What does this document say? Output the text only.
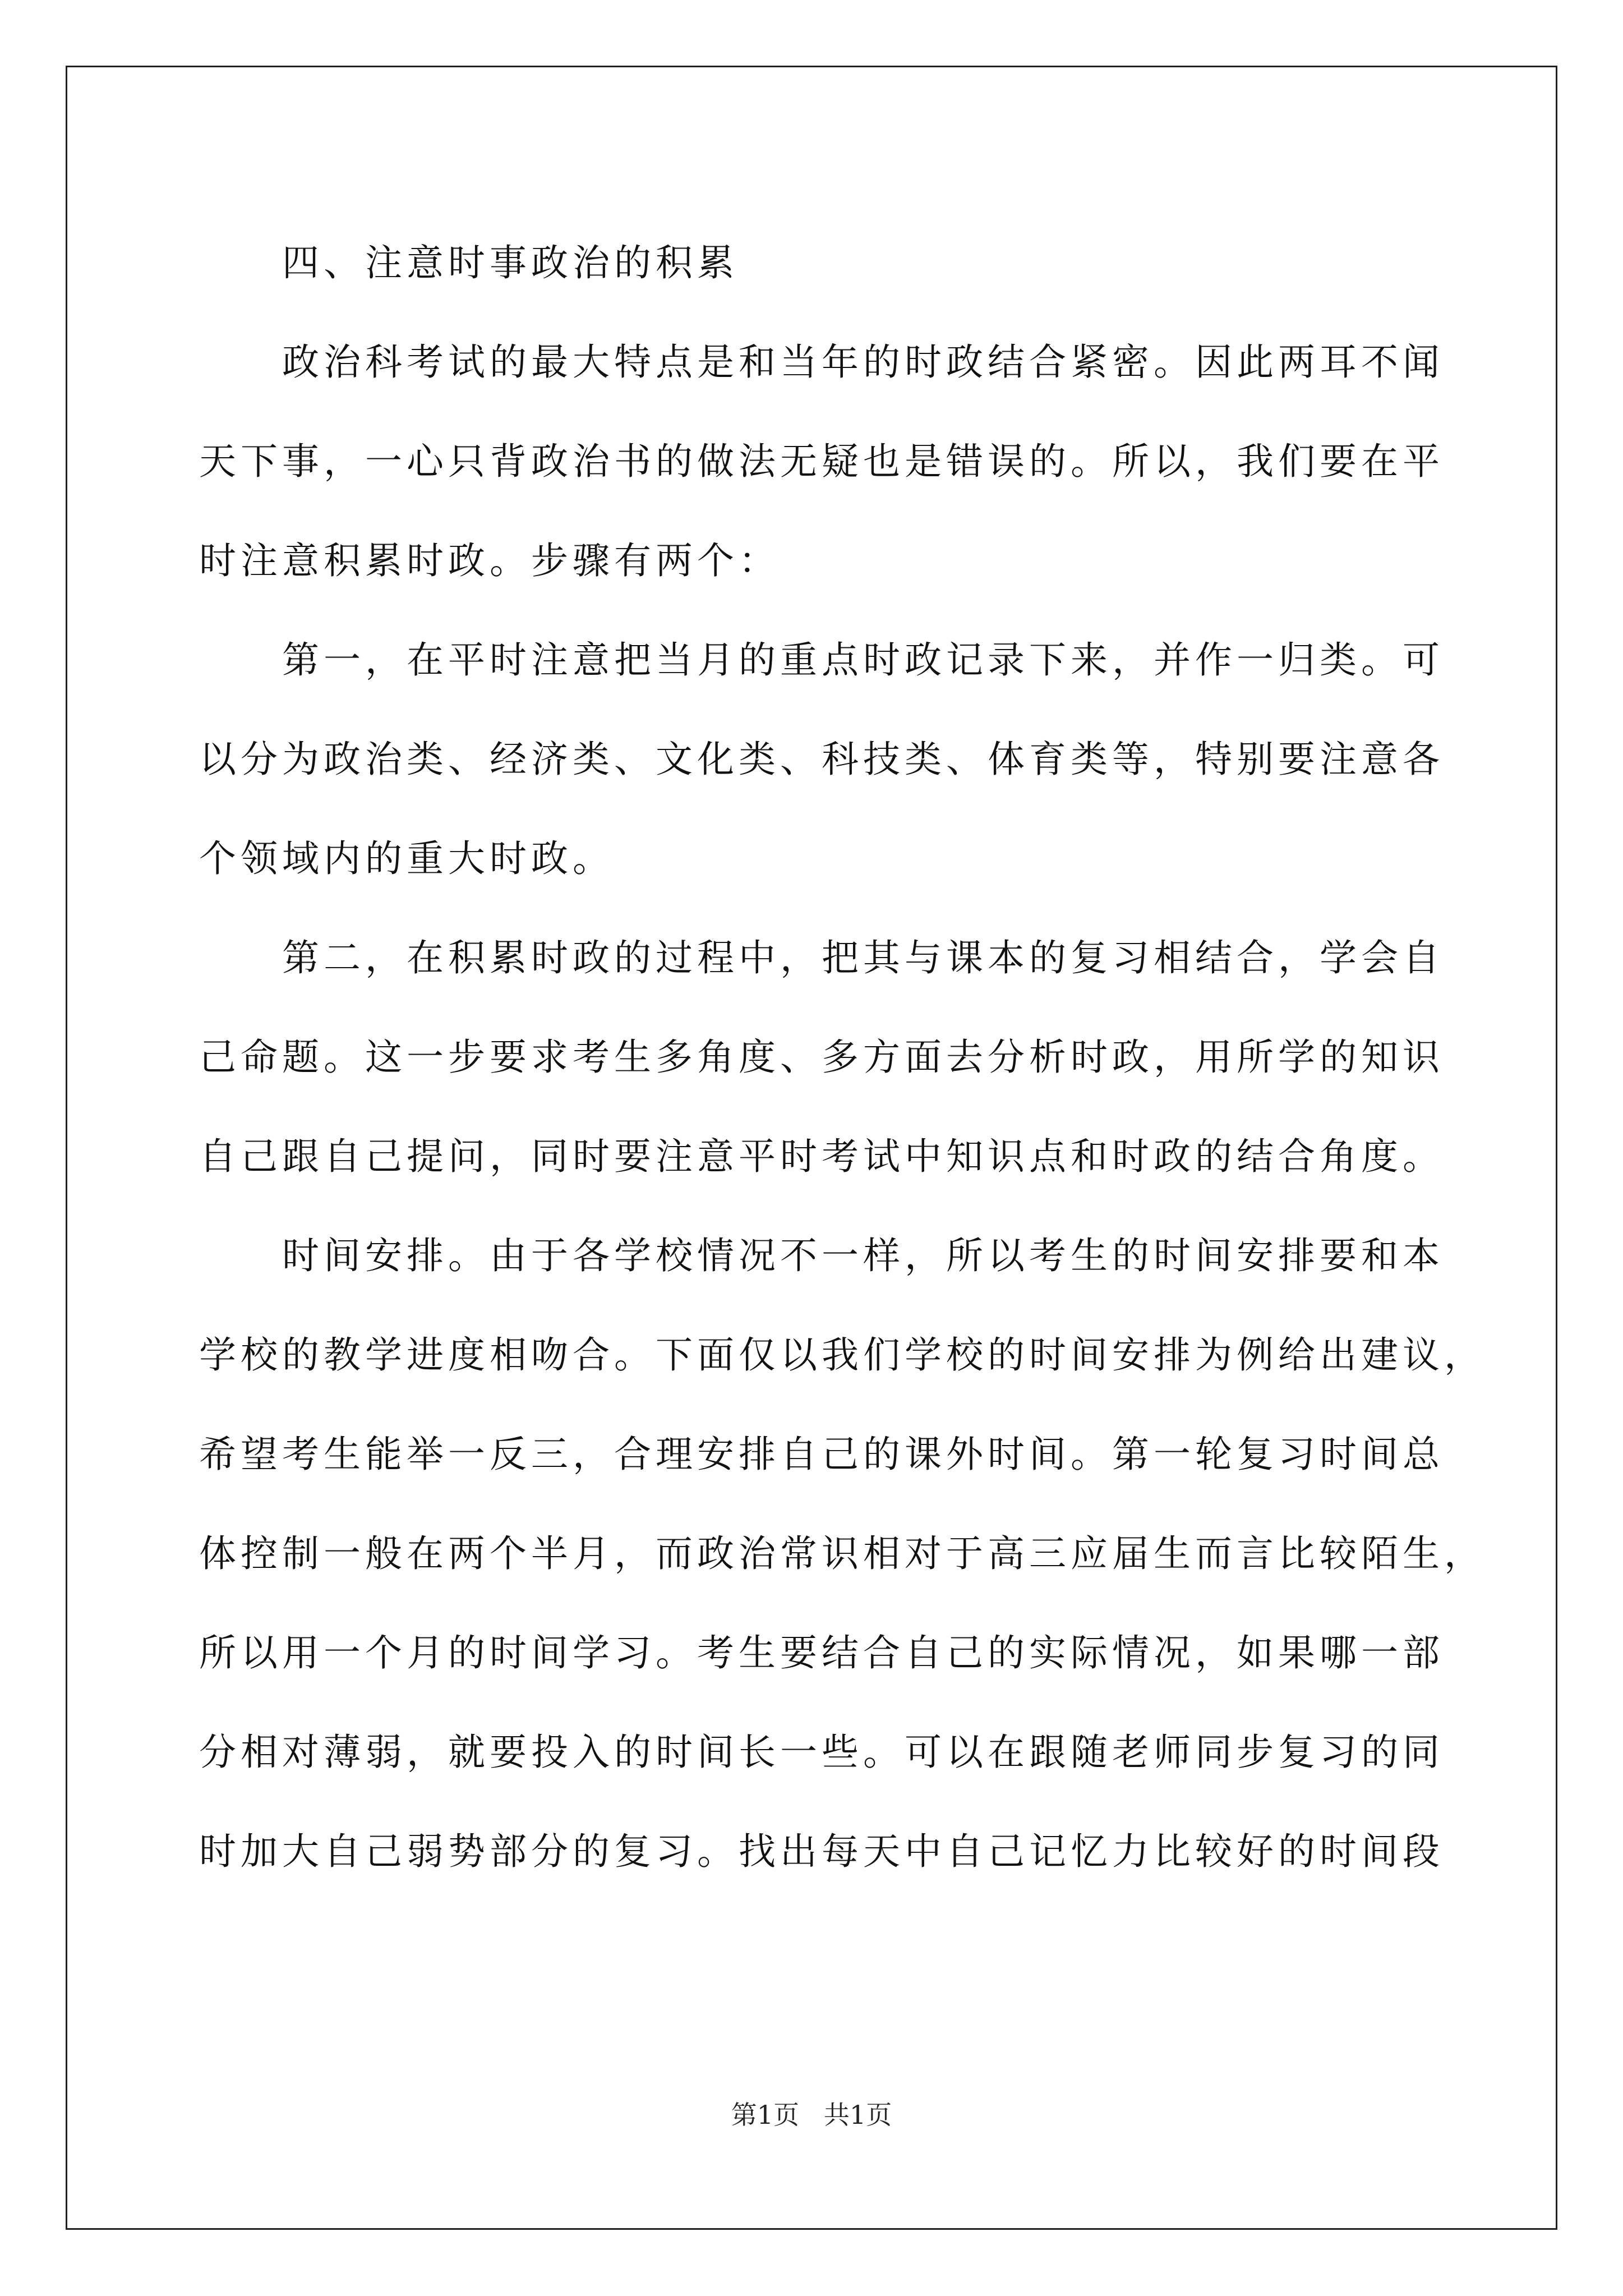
四、注意时事政治的积累
政治科考试的最大特点是和当年的时政结合紧密。因此两耳不闻
天下事，一心只背政治书的做法无疑也是错误的。所以，我们要在平
时注意积累时政。步骤有两个：
第一，在平时注意把当月的重点时政记录下来，并作一归类。可
以分为政治类、经济类、文化类、科技类、体育类等，特别要注意各
个领域内的重大时政。
第二，在积累时政的过程中，把其与课本的复习相结合，学会自
己命题。这一步要求考生多角度、多方面去分析时政，用所学的知识
自己跟自己提问，同时要注意平时考试中知识点和时政的结合角度。
时间安排。由于各学校情况不一样，所以考生的时间安排要和本
学校的教学进度相吻合。下面仅以我们学校的时间安排为例给出建议，
希望考生能举一反三，合理安排自己的课外时间。第一轮复习时间总
体控制一般在两个半月，而政治常识相对于高三应届生而言比较陌生，
所以用一个月的时间学习。考生要结合自己的实际情况，如果哪一部
分相对薄弱，就要投入的时间长一些。可以在跟随老师同步复习的同
时加大自己弱势部分的复习。找出每天中自己记忆力比较好的时间段
第1页   共1页
